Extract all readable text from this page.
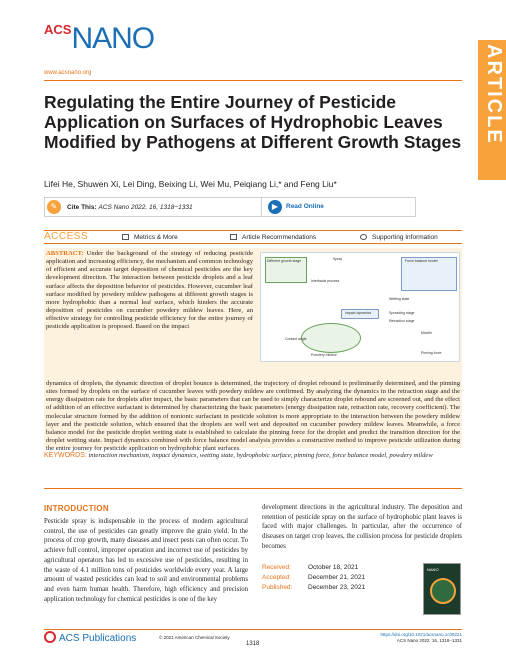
$^{ACS}$NANO
www.acsnano.org	ARTICLE
Regulating the Entire Journey of Pesticide Application on Surfaces of Hydrophobic Leaves Modified by Pathogens at Different Growth Stages
Lifei He, Shuwen Xi, Lei Ding, Beixing Li, Wei Mu, Peiqiang Li,* and Feng Liu*
✎	Cite This: ACS Nano 2022, 16, 1318−1331	▶	Read Online
ACCESS	Metrics & More	Article Recommendations	Supporting Information

ABSTRACT: Under the background of the strategy of reducing pesticide application and increasing efficiency, the mechanism and common technology of efficient and accurate target deposition of chemical pesticides are the key development direction. The interaction between pesticide droplets and a leaf surface affects the deposition behavior of pesticides. However, cucumber leaf surface modified by powdery mildew pathogens at different growth stages is more hydrophobic than a normal leaf surface, which hinders the accurate deposition of pesticides on cucumber powdery mildew leaves. Here, an effective strategy for controlling pesticide efficiency for the entire journey of pesticide application is proposed. Based on the impact

dynamics of droplets, the dynamic direction of droplet bounce is determined, the trajectory of droplet rebound is preliminarily determined, and the pinning sites formed by droplets on the surface of cucumber leaves with powdery mildew are confirmed. By analyzing the dynamics in the retraction stage and the energy dissipation rate for droplets after impact, the basic parameters that can be used to simply characterize droplet rebound are screened out, and the effect of addition of an effective surfactant is determined by characterizing the basic parameters (energy dissipation rate, retraction rate, recovery coefficient). The molecular structure formed by the addition of nonionic surfactant in pesticide solution is more appropriate to the interaction between the powdery mildew layer and the pesticide solution, which ensured that the droplets are well wet and deposited on cucumber powdery mildew leaves. Meanwhile, a force balance model for the pesticide droplet wetting state is established to calculate the pinning force for the droplet and predict the transition direction for the droplet wetting state. Impact dynamics combined with force balance model analysis provides a constructive method to improve pesticide utilization during the entire journey for pesticide application on hydrophobic plant surfaces.

Different growth stage	Spray	Force balance model
Interfacial process
Wetting state
Impact dynamics	Spreading stage
Retraction stage
Micelle
Pinning force
Powdery mildew
Contact angle

KEYWORDS: interaction mechanism, impact dynamics, wetting state, hydrophobic surface, pinning force, force balance model, powdery mildew

INTRODUCTION

Pesticide spray is indispensable in the process of modern agricultural control, the use of pesticides can greatly improve the grain yield. In the process of crop growth, many diseases and insect pests can often occur. To achieve full control, improper operation and incorrect use of pesticides by agricultural operators has led to excessive use of pesticides, resulting in the waste of 4.1 million tons of pesticides worldwide every year. A large amount of wasted pesticides can lead to soil and environmental problems and even harm human health. Therefore, high efficiency and precision application technology for chemical pesticides is one of the key

development directions in the agricultural industry. The deposition and retention of pesticide spray on the surface of hydrophobic plant leaves is faced with major challenges. In particular, after the occurrence of diseases on target crop leaves, the collision process for pesticide droplets becomes

Received:	October 18, 2021
Accepted:	December 21, 2021
Published: December 23, 2021
NANO
ACS Publications	© 2021 American Chemical Society
1318
https://doi.org/10.1021/acsnano.1c09221
ACS Nano 2022, 16, 1318−1331
